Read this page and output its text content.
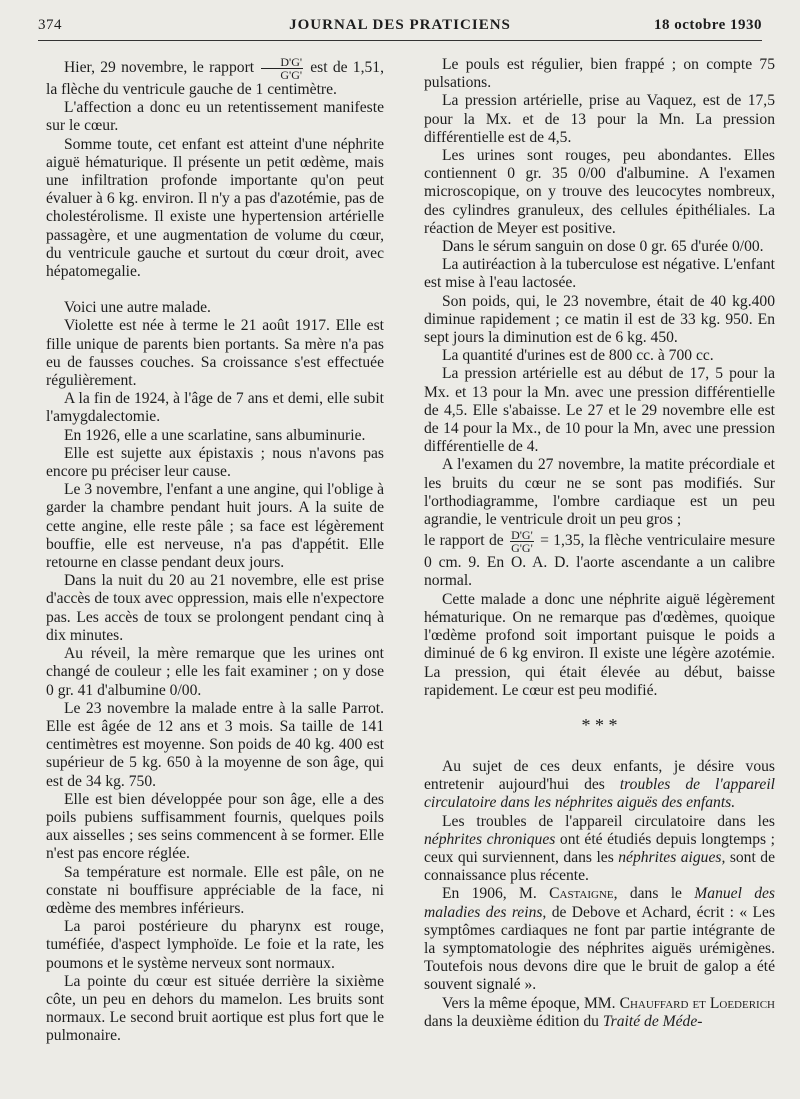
374	JOURNAL DES PRATICIENS	18 octobre 1930

Hier, 29 novembre, le rapport $\frac{D'G'}{G'G'}$ est de 1,51, la flèche du ventricule gauche de 1 centimètre.

L'affection a donc eu un retentissement manifeste sur le cœur.

Somme toute, cet enfant est atteint d'une néphrite aiguë hématurique. Il présente un petit œdème, mais une infiltration profonde importante qu'on peut évaluer à 6 kg. environ. Il n'y a pas d'azotémie, pas de cholestérolisme. Il existe une hypertension artérielle passagère, et une augmentation de volume du cœur, du ventricule gauche et surtout du cœur droit, avec hépatomegalie.

Voici une autre malade.

Violette est née à terme le 21 août 1917. Elle est fille unique de parents bien portants. Sa mère n'a pas eu de fausses couches. Sa croissance s'est effectuée régulièrement.

A la fin de 1924, à l'âge de 7 ans et demi, elle subit l'amygdalectomie.

En 1926, elle a une scarlatine, sans albuminurie.

Elle est sujette aux épistaxis ; nous n'avons pas encore pu préciser leur cause.

Le 3 novembre, l'enfant a une angine, qui l'oblige à garder la chambre pendant huit jours. A la suite de cette angine, elle reste pâle ; sa face est légèrement bouffie, elle est nerveuse, n'a pas d'appétit. Elle retourne en classe pendant deux jours.

Dans la nuit du 20 au 21 novembre, elle est prise d'accès de toux avec oppression, mais elle n'expectore pas. Les accès de toux se prolongent pendant cinq à dix minutes.

Au réveil, la mère remarque que les urines ont changé de couleur ; elle les fait examiner ; on y dose 0 gr. 41 d'albumine 0/00.

Le 23 novembre la malade entre à la salle Parrot. Elle est âgée de 12 ans et 3 mois. Sa taille de 141 centimètres est moyenne. Son poids de 40 kg. 400 est supérieur de 5 kg. 650 à la moyenne de son âge, qui est de 34 kg. 750.

Elle est bien développée pour son âge, elle a des poils pubiens suffisamment fournis, quelques poils aux aisselles ; ses seins commencent à se former. Elle n'est pas encore réglée.

Sa température est normale. Elle est pâle, on ne constate ni bouffisure appréciable de la face, ni œdème des membres inférieurs.

La paroi postérieure du pharynx est rouge, tuméfiée, d'aspect lymphoïde. Le foie et la rate, les poumons et le système nerveux sont normaux.

La pointe du cœur est située derrière la sixième côte, un peu en dehors du mamelon. Les bruits sont normaux. Le second bruit aortique est plus fort que le pulmonaire.

Le pouls est régulier, bien frappé ; on compte 75 pulsations.

La pression artérielle, prise au Vaquez, est de 17,5 pour la Mx. et de 13 pour la Mn. La pression différentielle est de 4,5.

Les urines sont rouges, peu abondantes. Elles contiennent 0 gr. 35 0/00 d'albumine. A l'examen microscopique, on y trouve des leucocytes nombreux, des cylindres granuleux, des cellules épithéliales. La réaction de Meyer est positive.

Dans le sérum sanguin on dose 0 gr. 65 d'urée 0/00.

La autiréaction à la tuberculose est négative. L'enfant est mise à l'eau lactosée.

Son poids, qui, le 23 novembre, était de 40 kg.400 diminue rapidement ; ce matin il est de 33 kg. 950. En sept jours la diminution est de 6 kg. 450.

La quantité d'urines est de 800 cc. à 700 cc.

La pression artérielle est au début de 17, 5 pour la Mx. et 13 pour la Mn. avec une pression différentielle de 4,5. Elle s'abaisse. Le 27 et le 29 novembre elle est de 14 pour la Mx., de 10 pour la Mn, avec une pression différentielle de 4.

A l'examen du 27 novembre, la matite précordiale et les bruits du cœur ne se sont pas modifiés. Sur l'orthodiagramme, l'ombre cardiaque est un peu agrandie, le ventricule droit un peu gros ;

le rapport de $\frac{D'G'}{G'G'} = 1,35$, la flèche ventriculaire mesure 0 cm. 9. En O. A. D. l'aorte ascendante a un calibre normal.

Cette malade a donc une néphrite aiguë légèrement hématurique. On ne remarque pas d'œdèmes, quoique l'œdème profond soit important puisque le poids a diminué de 6 kg environ. Il existe une légère azotémie. La pression, qui était élevée au début, baisse rapidement. Le cœur est peu modifié.

* * *

Au sujet de ces deux enfants, je désire vous entretenir aujourd'hui des troubles de l'appareil circulatoire dans les néphrites aiguës des enfants.

Les troubles de l'appareil circulatoire dans les néphrites chroniques ont été étudiés depuis longtemps ; ceux qui surviennent, dans les néphrites aigues, sont de connaissance plus récente.

En 1906, M. Castaigne, dans le Manuel des maladies des reins, de Debove et Achard, écrit : « Les symptômes cardiaques ne font par partie intégrante de la symptomatologie des néphrites aiguës urémigènes. Toutefois nous devons dire que le bruit de galop a été souvent signalé ».

Vers la même époque, MM. Chauffard et Loederich dans la deuxième édition du Traité de Méde-
